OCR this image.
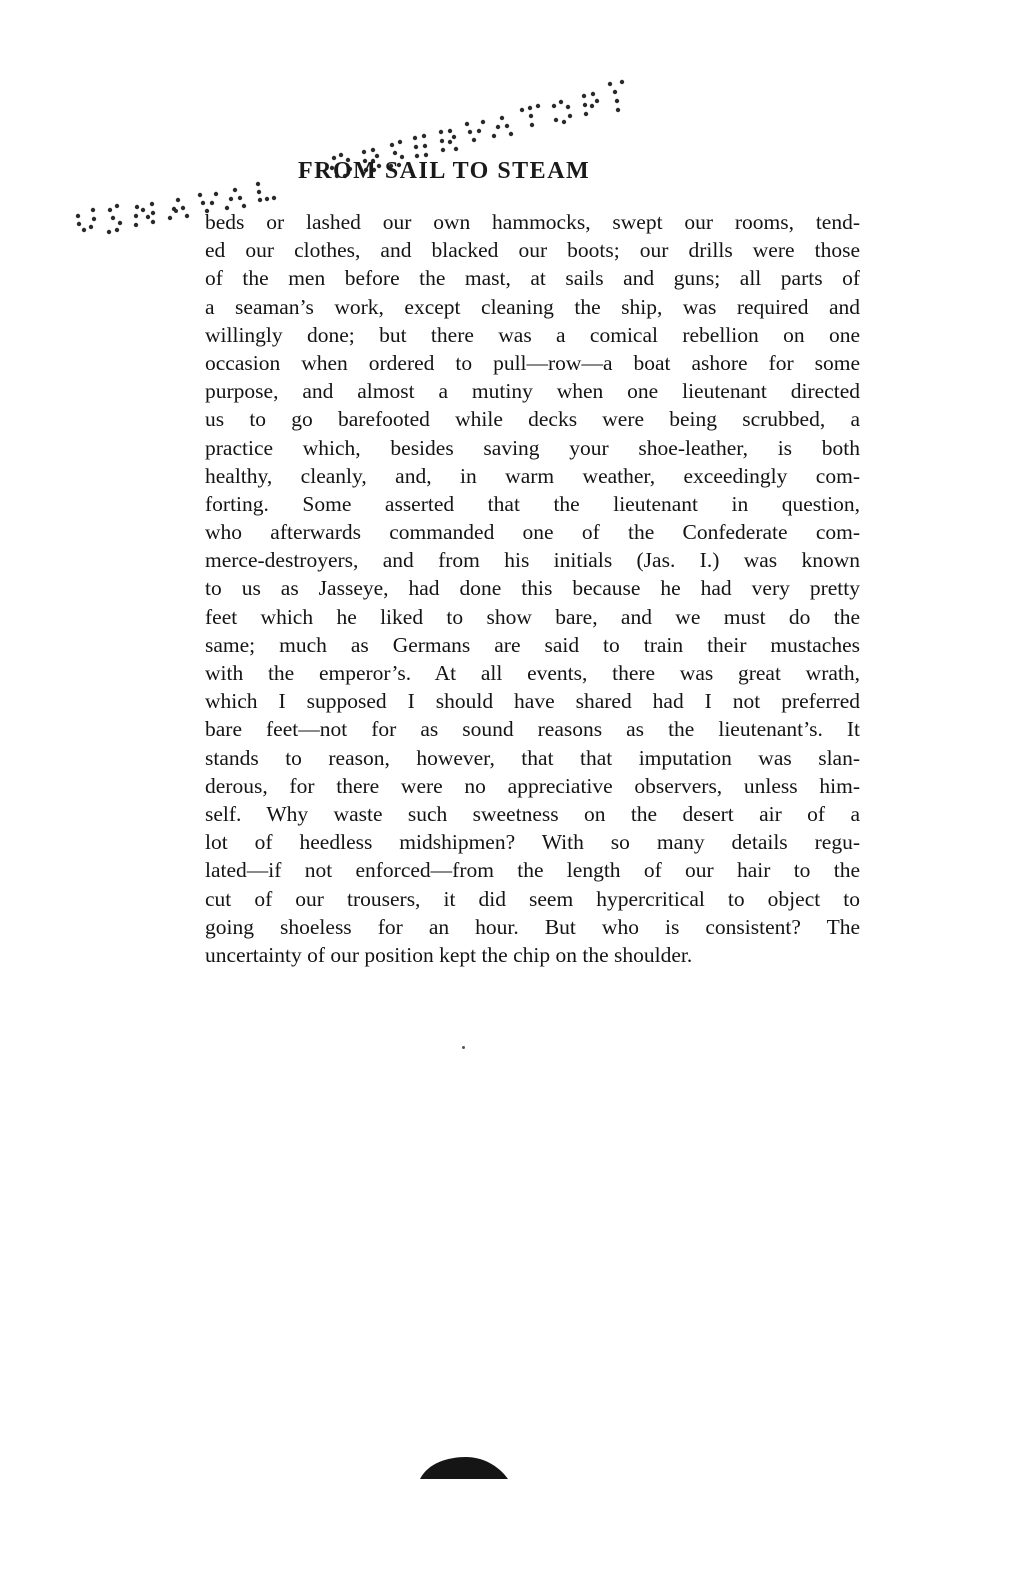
FROM SAIL TO STEAM
beds or lashed our own hammocks, swept our rooms, tend-
ed our clothes, and blacked our boots; our drills were those
of the men before the mast, at sails and guns; all parts of
a seaman’s work, except cleaning the ship, was required and
willingly done; but there was a comical rebellion on one
occasion when ordered to pull—row—a boat ashore for some
purpose, and almost a mutiny when one lieutenant directed
us to go barefooted while decks were being scrubbed, a
practice which, besides saving your shoe-leather, is both
healthy, cleanly, and, in warm weather, exceedingly com-
forting. Some asserted that the lieutenant in question,
who afterwards commanded one of the Confederate com-
merce-destroyers, and from his initials (Jas. I.) was known
to us as Jasseye, had done this because he had very pretty
feet which he liked to show bare, and we must do the
same; much as Germans are said to train their mustaches
with the emperor’s. At all events, there was great wrath,
which I supposed I should have shared had I not preferred
bare feet—not for as sound reasons as the lieutenant’s. It
stands to reason, however, that that imputation was slan-
derous, for there were no appreciative observers, unless him-
self. Why waste such sweetness on the desert air of a
lot of heedless midshipmen? With so many details regu-
lated—if not enforced—from the length of our hair to the
cut of our trousers, it did seem hypercritical to object to
going shoeless for an hour. But who is consistent? The
uncertainty of our position kept the chip on the shoulder.
